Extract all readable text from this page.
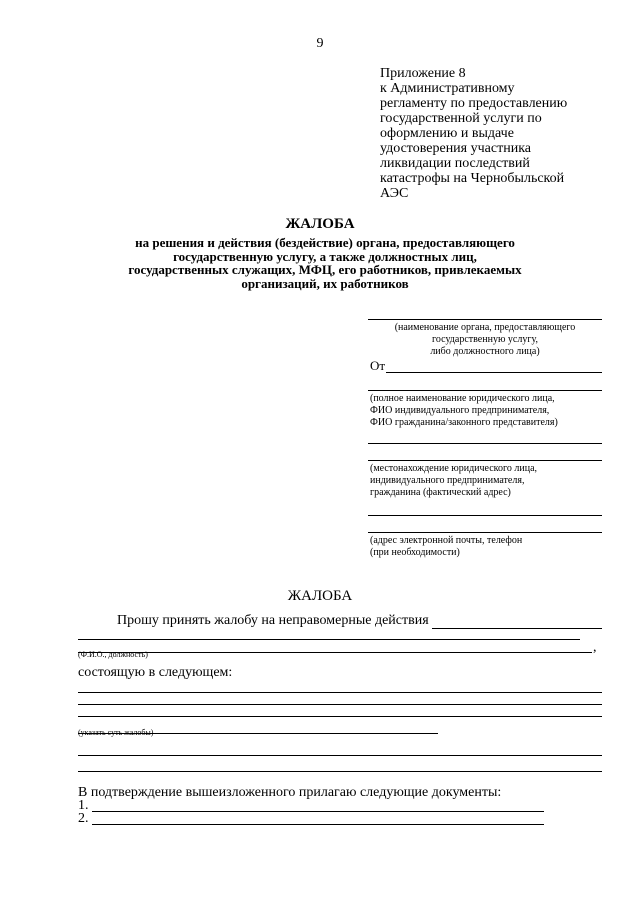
9
Приложение 8
к Административному
регламенту по предоставлению
государственной услуги по
оформлению и выдаче
удостоверения участника
ликвидации последствий
катастрофы на Чернобыльской
АЭС
ЖАЛОБА
на решения и действия (бездействие) органа, предоставляющего
государственную услугу, а также должностных лиц,
государственных служащих, МФЦ, его работников, привлекаемых
организаций, их работников
(наименование органа, предоставляющего
государственную услугу,
либо должностного лица)
От
(полное наименование юридического лица,
ФИО индивидуального предпринимателя,
ФИО гражданина/законного представителя)
(местонахождение юридического лица,
индивидуального предпринимателя,
гражданина (фактический адрес)
(адрес электронной почты, телефон
(при необходимости)
ЖАЛОБА
Прошу принять жалобу на неправомерные действия
(Ф.И.О., должность)	,
состоящую в следующем:
(указать суть жалобы)
В подтверждение вышеизложенного прилагаю следующие документы:
1.
2.
